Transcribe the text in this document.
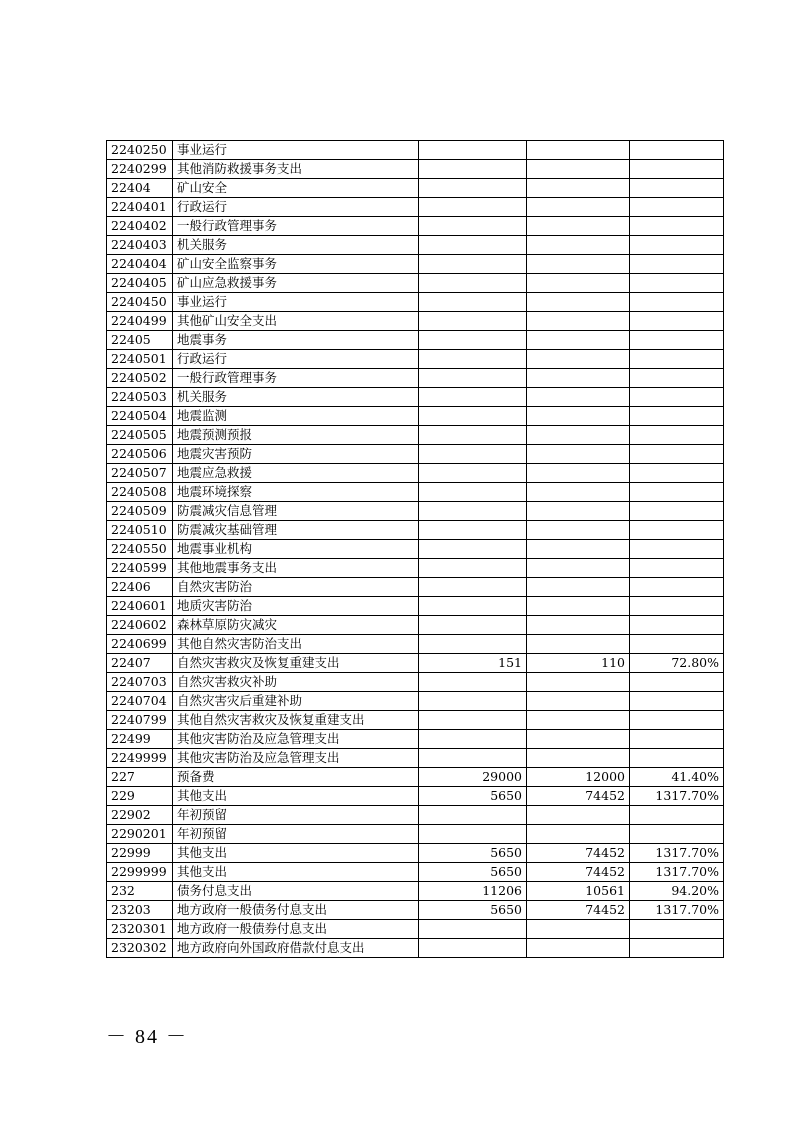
2240250	事业运行			
2240299	其他消防救援事务支出			
22404	矿山安全			
2240401	行政运行			
2240402	一般行政管理事务			
2240403	机关服务			
2240404	矿山安全监察事务			
2240405	矿山应急救援事务			
2240450	事业运行			
2240499	其他矿山安全支出			
22405	地震事务			
2240501	行政运行			
2240502	一般行政管理事务			
2240503	机关服务			
2240504	地震监测			
2240505	地震预测预报			
2240506	地震灾害预防			
2240507	地震应急救援			
2240508	地震环境探察			
2240509	防震减灾信息管理			
2240510	防震减灾基础管理			
2240550	地震事业机构			
2240599	其他地震事务支出			
22406	自然灾害防治			
2240601	地质灾害防治			
2240602	森林草原防灾减灾			
2240699	其他自然灾害防治支出			
22407	自然灾害救灾及恢复重建支出	151	110	72.80%
2240703	自然灾害救灾补助			
2240704	自然灾害灾后重建补助			
2240799	其他自然灾害救灾及恢复重建支出			
22499	其他灾害防治及应急管理支出			
2249999	其他灾害防治及应急管理支出			
227	预备费	29000	12000	41.40%
229	其他支出	5650	74452	1317.70%
22902	年初预留			
2290201	年初预留			
22999	其他支出	5650	74452	1317.70%
2299999	其他支出	5650	74452	1317.70%
232	债务付息支出	11206	10561	94.20%
23203	地方政府一般债务付息支出	5650	74452	1317.70%
2320301	地方政府一般债券付息支出			
2320302	地方政府向外国政府借款付息支出			
－ 84 －
